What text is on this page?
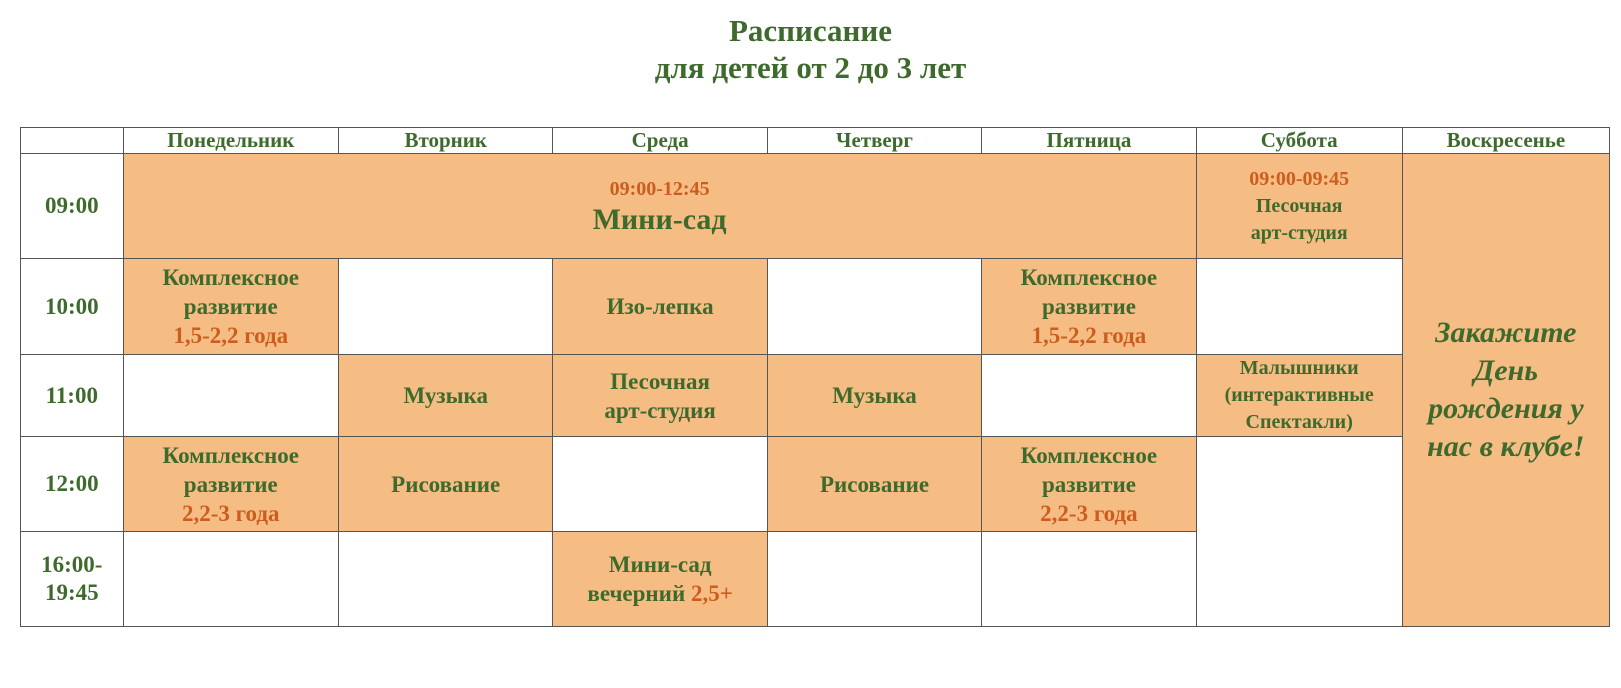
Расписание
для детей от 2 до 3 лет
	Понедельник	Вторник	Среда	Четверг	Пятница	Суббота	Воскресенье
09:00	09:00-12:45
Мини-сад					09:00-09:45
Песочная
арт-студия	Закажите
День
рождения у
нас в клубе!

10:00	Комплексное
развитие
1,5-2,2 года		Изо-лепка		Комплексное
развитие
1,5-2,2 года		

11:00		Музыка	Песочная
арт-студия	Музыка		Малышники
(интерактивные
Спектакли)	

12:00	Комплексное
развитие
2,2-3 года	Рисование		Рисование	Комплексное
развитие
2,2-3 года		

16:00-
19:45			Мини-сад
вечерний 2,5+				
